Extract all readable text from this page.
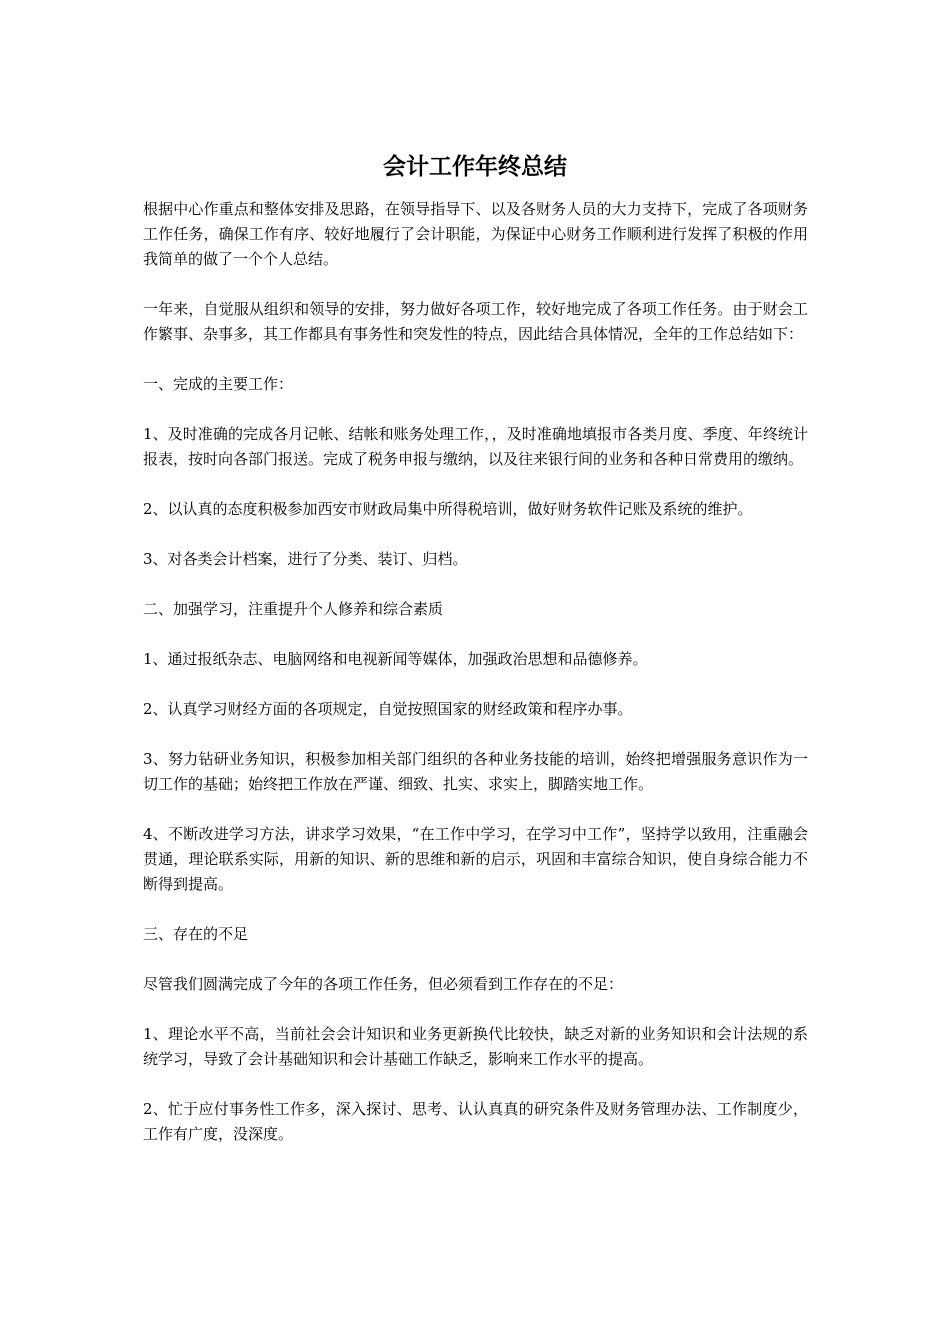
会计工作年终总结

根据中心作重点和整体安排及思路，在领导指导下、以及各财务人员的大力支持下，完成了各项财务工作任务，确保工作有序、较好地履行了会计职能，为保证中心财务工作顺利进行发挥了积极的作用我简单的做了一个个人总结。

一年来，自觉服从组织和领导的安排，努力做好各项工作，较好地完成了各项工作任务。由于财会工作繁事、杂事多，其工作都具有事务性和突发性的特点，因此结合具体情况，全年的工作总结如下：

一、完成的主要工作：

1、及时准确的完成各月记帐、结帐和账务处理工作，，及时准确地填报市各类月度、季度、年终统计报表，按时向各部门报送。完成了税务申报与缴纳，以及往来银行间的业务和各种日常费用的缴纳。

2、以认真的态度积极参加西安市财政局集中所得税培训，做好财务软件记账及系统的维护。

3、对各类会计档案，进行了分类、装订、归档。

二、加强学习，注重提升个人修养和综合素质

1、通过报纸杂志、电脑网络和电视新闻等媒体，加强政治思想和品德修养。

2、认真学习财经方面的各项规定，自觉按照国家的财经政策和程序办事。

3、努力钻研业务知识，积极参加相关部门组织的各种业务技能的培训，始终把增强服务意识作为一切工作的基础；始终把工作放在严谨、细致、扎实、求实上，脚踏实地工作。

4、不断改进学习方法，讲求学习效果，“在工作中学习，在学习中工作”，坚持学以致用，注重融会贯通，理论联系实际，用新的知识、新的思维和新的启示，巩固和丰富综合知识，使自身综合能力不断得到提高。

三、存在的不足

尽管我们圆满完成了今年的各项工作任务，但必须看到工作存在的不足：

1、理论水平不高，当前社会会计知识和业务更新换代比较快，缺乏对新的业务知识和会计法规的系统学习，导致了会计基础知识和会计基础工作缺乏，影响来工作水平的提高。

2、忙于应付事务性工作多，深入探讨、思考、认认真真的研究条件及财务管理办法、工作制度少，工作有广度，没深度。
